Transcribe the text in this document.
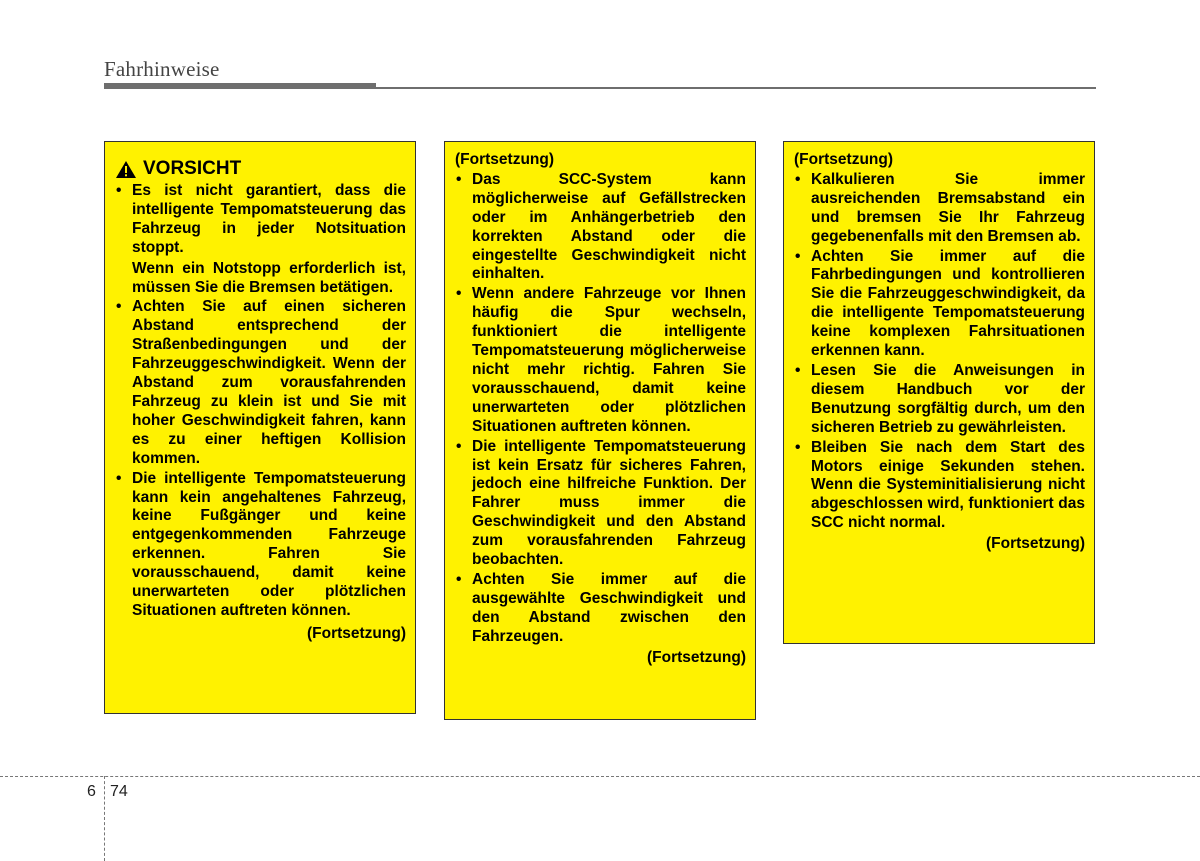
Fahrhinweise
VORSICHT

• Es ist nicht garantiert, dass die intelligente Tempomatsteuerung das Fahrzeug in jeder Notsituation stoppt.

Wenn ein Notstopp erforderlich ist, müssen Sie die Bremsen betätigen.

• Achten Sie auf einen sicheren Abstand entsprechend der Straßenbedingungen und der Fahrzeuggeschwindigkeit. Wenn der Abstand zum vorausfahrenden Fahrzeug zu klein ist und Sie mit hoher Geschwindigkeit fahren, kann es zu einer heftigen Kollision kommen.

• Die intelligente Tempomatsteuerung kann kein angehaltenes Fahrzeug, keine Fußgänger und keine entgegenkommenden Fahrzeuge erkennen. Fahren Sie vorausschauend, damit keine unerwarteten oder plötzlichen Situationen auftreten können.

(Fortsetzung)
(Fortsetzung)

• Das SCC-System kann möglicherweise auf Gefällstrecken oder im Anhängerbetrieb den korrekten Abstand oder die eingestellte Geschwindigkeit nicht einhalten.

• Wenn andere Fahrzeuge vor Ihnen häufig die Spur wechseln, funktioniert die intelligente Tempomatsteuerung möglicherweise nicht mehr richtig. Fahren Sie vorausschauend, damit keine unerwarteten oder plötzlichen Situationen auftreten können.

• Die intelligente Tempomatsteuerung ist kein Ersatz für sicheres Fahren, jedoch eine hilfreiche Funktion. Der Fahrer muss immer die Geschwindigkeit und den Abstand zum vorausfahrenden Fahrzeug beobachten.

• Achten Sie immer auf die ausgewählte Geschwindigkeit und den Abstand zwischen den Fahrzeugen.

(Fortsetzung)
(Fortsetzung)

• Kalkulieren Sie immer ausreichenden Bremsabstand ein und bremsen Sie Ihr Fahrzeug gegebenenfalls mit den Bremsen ab.

• Achten Sie immer auf die Fahrbedingungen und kontrollieren Sie die Fahrzeuggeschwindigkeit, da die intelligente Tempomatsteuerung keine komplexen Fahrsituationen erkennen kann.

• Lesen Sie die Anweisungen in diesem Handbuch vor der Benutzung sorgfältig durch, um den sicheren Betrieb zu gewährleisten.

• Bleiben Sie nach dem Start des Motors einige Sekunden stehen. Wenn die Systeminitialisierung nicht abgeschlossen wird, funktioniert das SCC nicht normal.

(Fortsetzung)
6 74
